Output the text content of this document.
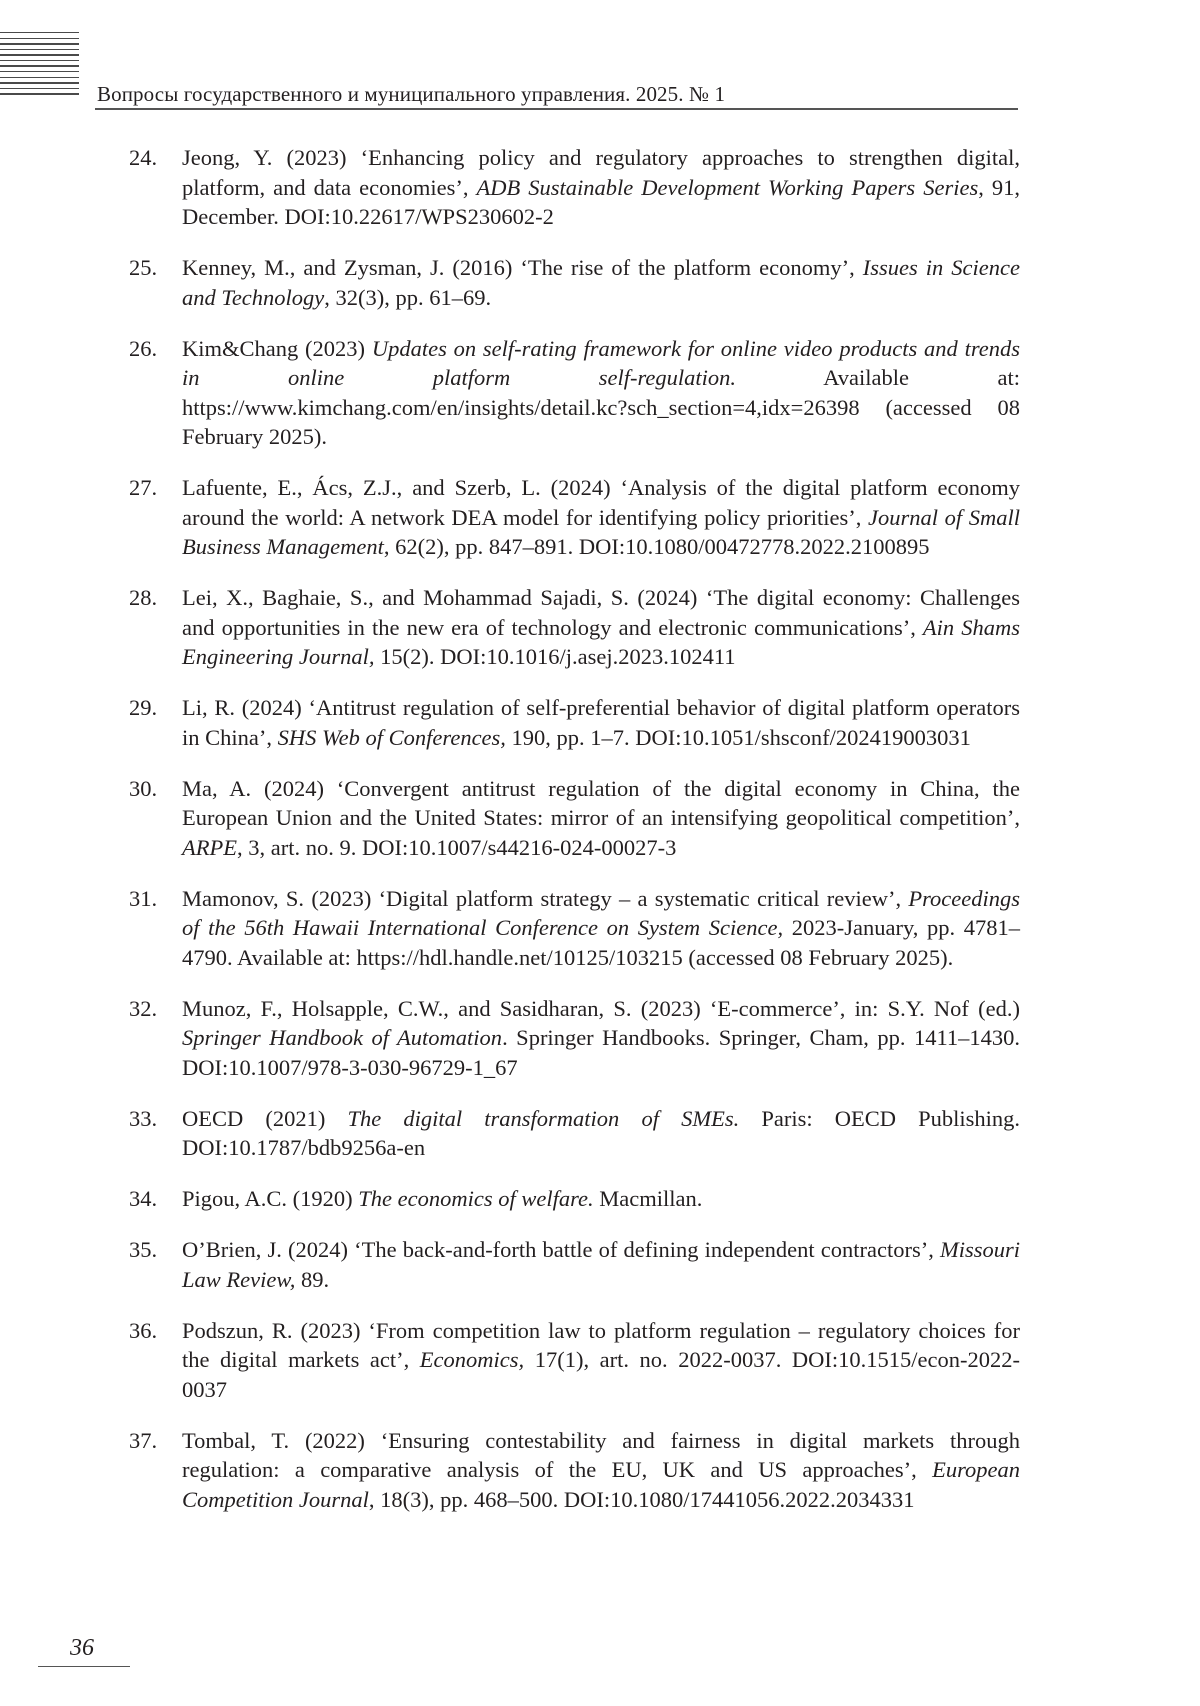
Вопросы государственного и муниципального управления. 2025. № 1
24. Jeong, Y. (2023) ‘Enhancing policy and regulatory approaches to strengthen digital, platform, and data economies’, ADB Sustainable Development Working Papers Series, 91, December. DOI:10.22617/WPS230602-2
25. Kenney, M., and Zysman, J. (2016) ‘The rise of the platform economy’, Issues in Science and Technology, 32(3), pp. 61–69.
26. Kim&Chang (2023) Updates on self-rating framework for online video products and trends in online platform self-regulation. Available at: https://www.kimchang.com/en/insights/detail.kc?sch_section=4,idx=26398 (accessed 08 February 2025).
27. Lafuente, E., Ács, Z.J., and Szerb, L. (2024) ‘Analysis of the digital platform economy around the world: A network DEA model for identifying policy priorities’, Journal of Small Business Management, 62(2), pp. 847–891. DOI:10.1080/00472778.2022.2100895
28. Lei, X., Baghaie, S., and Mohammad Sajadi, S. (2024) ‘The digital economy: Challenges and opportunities in the new era of technology and electronic communications’, Ain Shams Engineering Journal, 15(2). DOI:10.1016/j.asej.2023.102411
29. Li, R. (2024) ‘Antitrust regulation of self-preferential behavior of digital platform operators in China’, SHS Web of Conferences, 190, pp. 1–7. DOI:10.1051/shsconf/202419003031
30. Ma, A. (2024) ‘Convergent antitrust regulation of the digital economy in China, the European Union and the United States: mirror of an intensifying geopolitical competition’, ARPE, 3, art. no. 9. DOI:10.1007/s44216-024-00027-3
31. Mamonov, S. (2023) ‘Digital platform strategy – a systematic critical review’, Proceedings of the 56th Hawaii International Conference on System Science, 2023-January, pp. 4781–4790. Available at: https://hdl.handle.net/10125/103215 (accessed 08 February 2025).
32. Munoz, F., Holsapple, C.W., and Sasidharan, S. (2023) ‘E-commerce’, in: S.Y. Nof (ed.) Springer Handbook of Automation. Springer Handbooks. Springer, Cham, pp. 1411–1430. DOI:10.1007/978-3-030-96729-1_67
33. OECD (2021) The digital transformation of SMEs. Paris: OECD Publishing. DOI:10.1787/bdb9256a-en
34. Pigou, A.C. (1920) The economics of welfare. Macmillan.
35. O’Brien, J. (2024) ‘The back-and-forth battle of defining independent contractors’, Missouri Law Review, 89.
36. Podszun, R. (2023) ‘From competition law to platform regulation – regulatory choices for the digital markets act’, Economics, 17(1), art. no. 2022-0037. DOI:10.1515/econ-2022-0037
37. Tombal, T. (2022) ‘Ensuring contestability and fairness in digital markets through regulation: a comparative analysis of the EU, UK and US approaches’, European Competition Journal, 18(3), pp. 468–500. DOI:10.1080/17441056.2022.2034331
36
